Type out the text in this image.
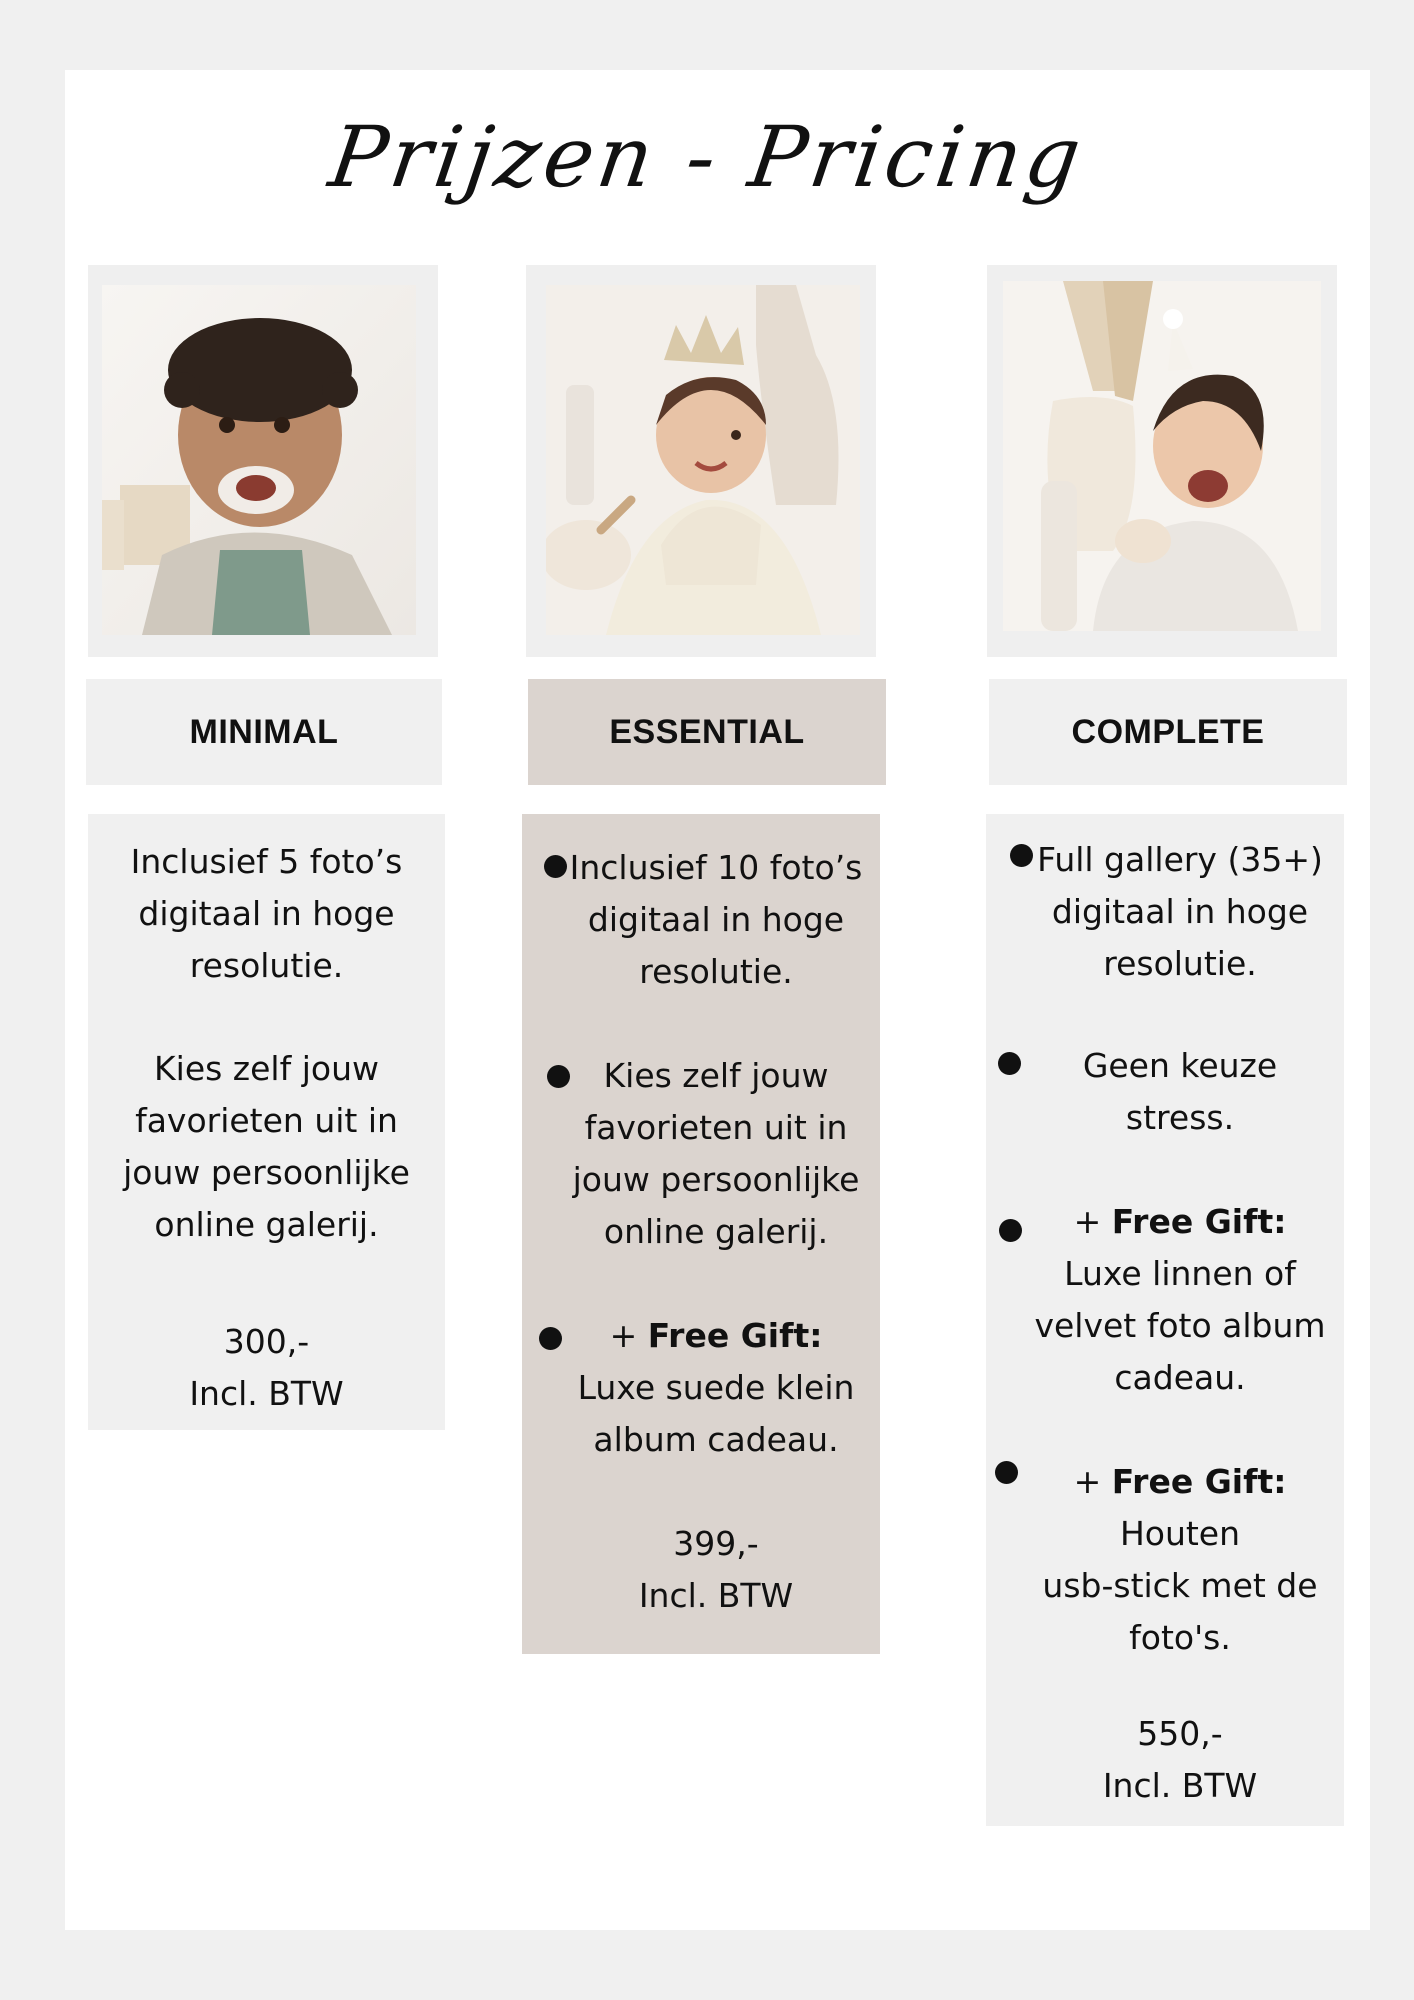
Prijzen - Pricing
MINIMAL	ESSENTIAL	COMPLETE
Inclusief 5 foto’s
digitaal in hoge
resolutie.
Kies zelf jouw
favorieten uit in
jouw persoonlijke
online galerij.
300,-
Incl. BTW
Inclusief 10 foto’s
digitaal in hoge
resolutie.
Kies zelf jouw
favorieten uit in
jouw persoonlijke
online galerij.
+ Free Gift:
Luxe suede klein
album cadeau.
399,-
Incl. BTW
Full gallery (35+)
digitaal in hoge
resolutie.
Geen keuze
stress.
+ Free Gift:
Luxe linnen of
velvet foto album
cadeau.
+ Free Gift:
Houten
usb-stick met de
foto's.
550,-
Incl. BTW
